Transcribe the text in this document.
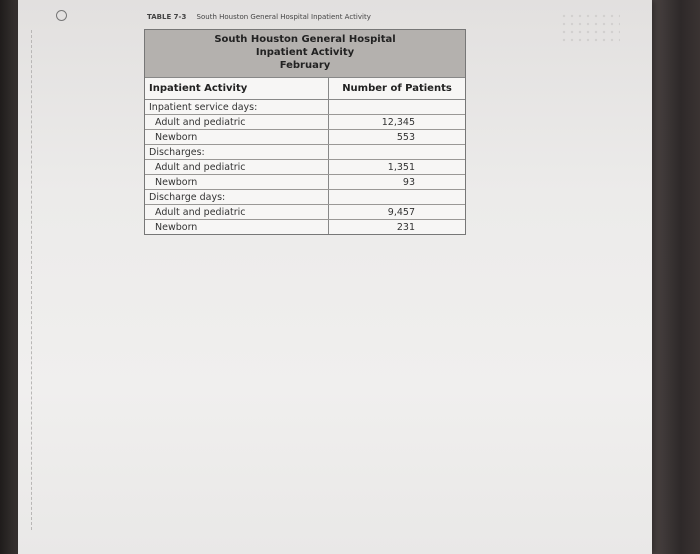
TABLE 7-3 South Houston General Hospital Inpatient Activity
South Houston General Hospital
Inpatient Activity
February
Inpatient Activity	Number of Patients
Inpatient service days:
Adult and pediatric	12,345
Newborn	553
Discharges:
Adult and pediatric	1,351
Newborn	93
Discharge days:
Adult and pediatric	9,457
Newborn	231
